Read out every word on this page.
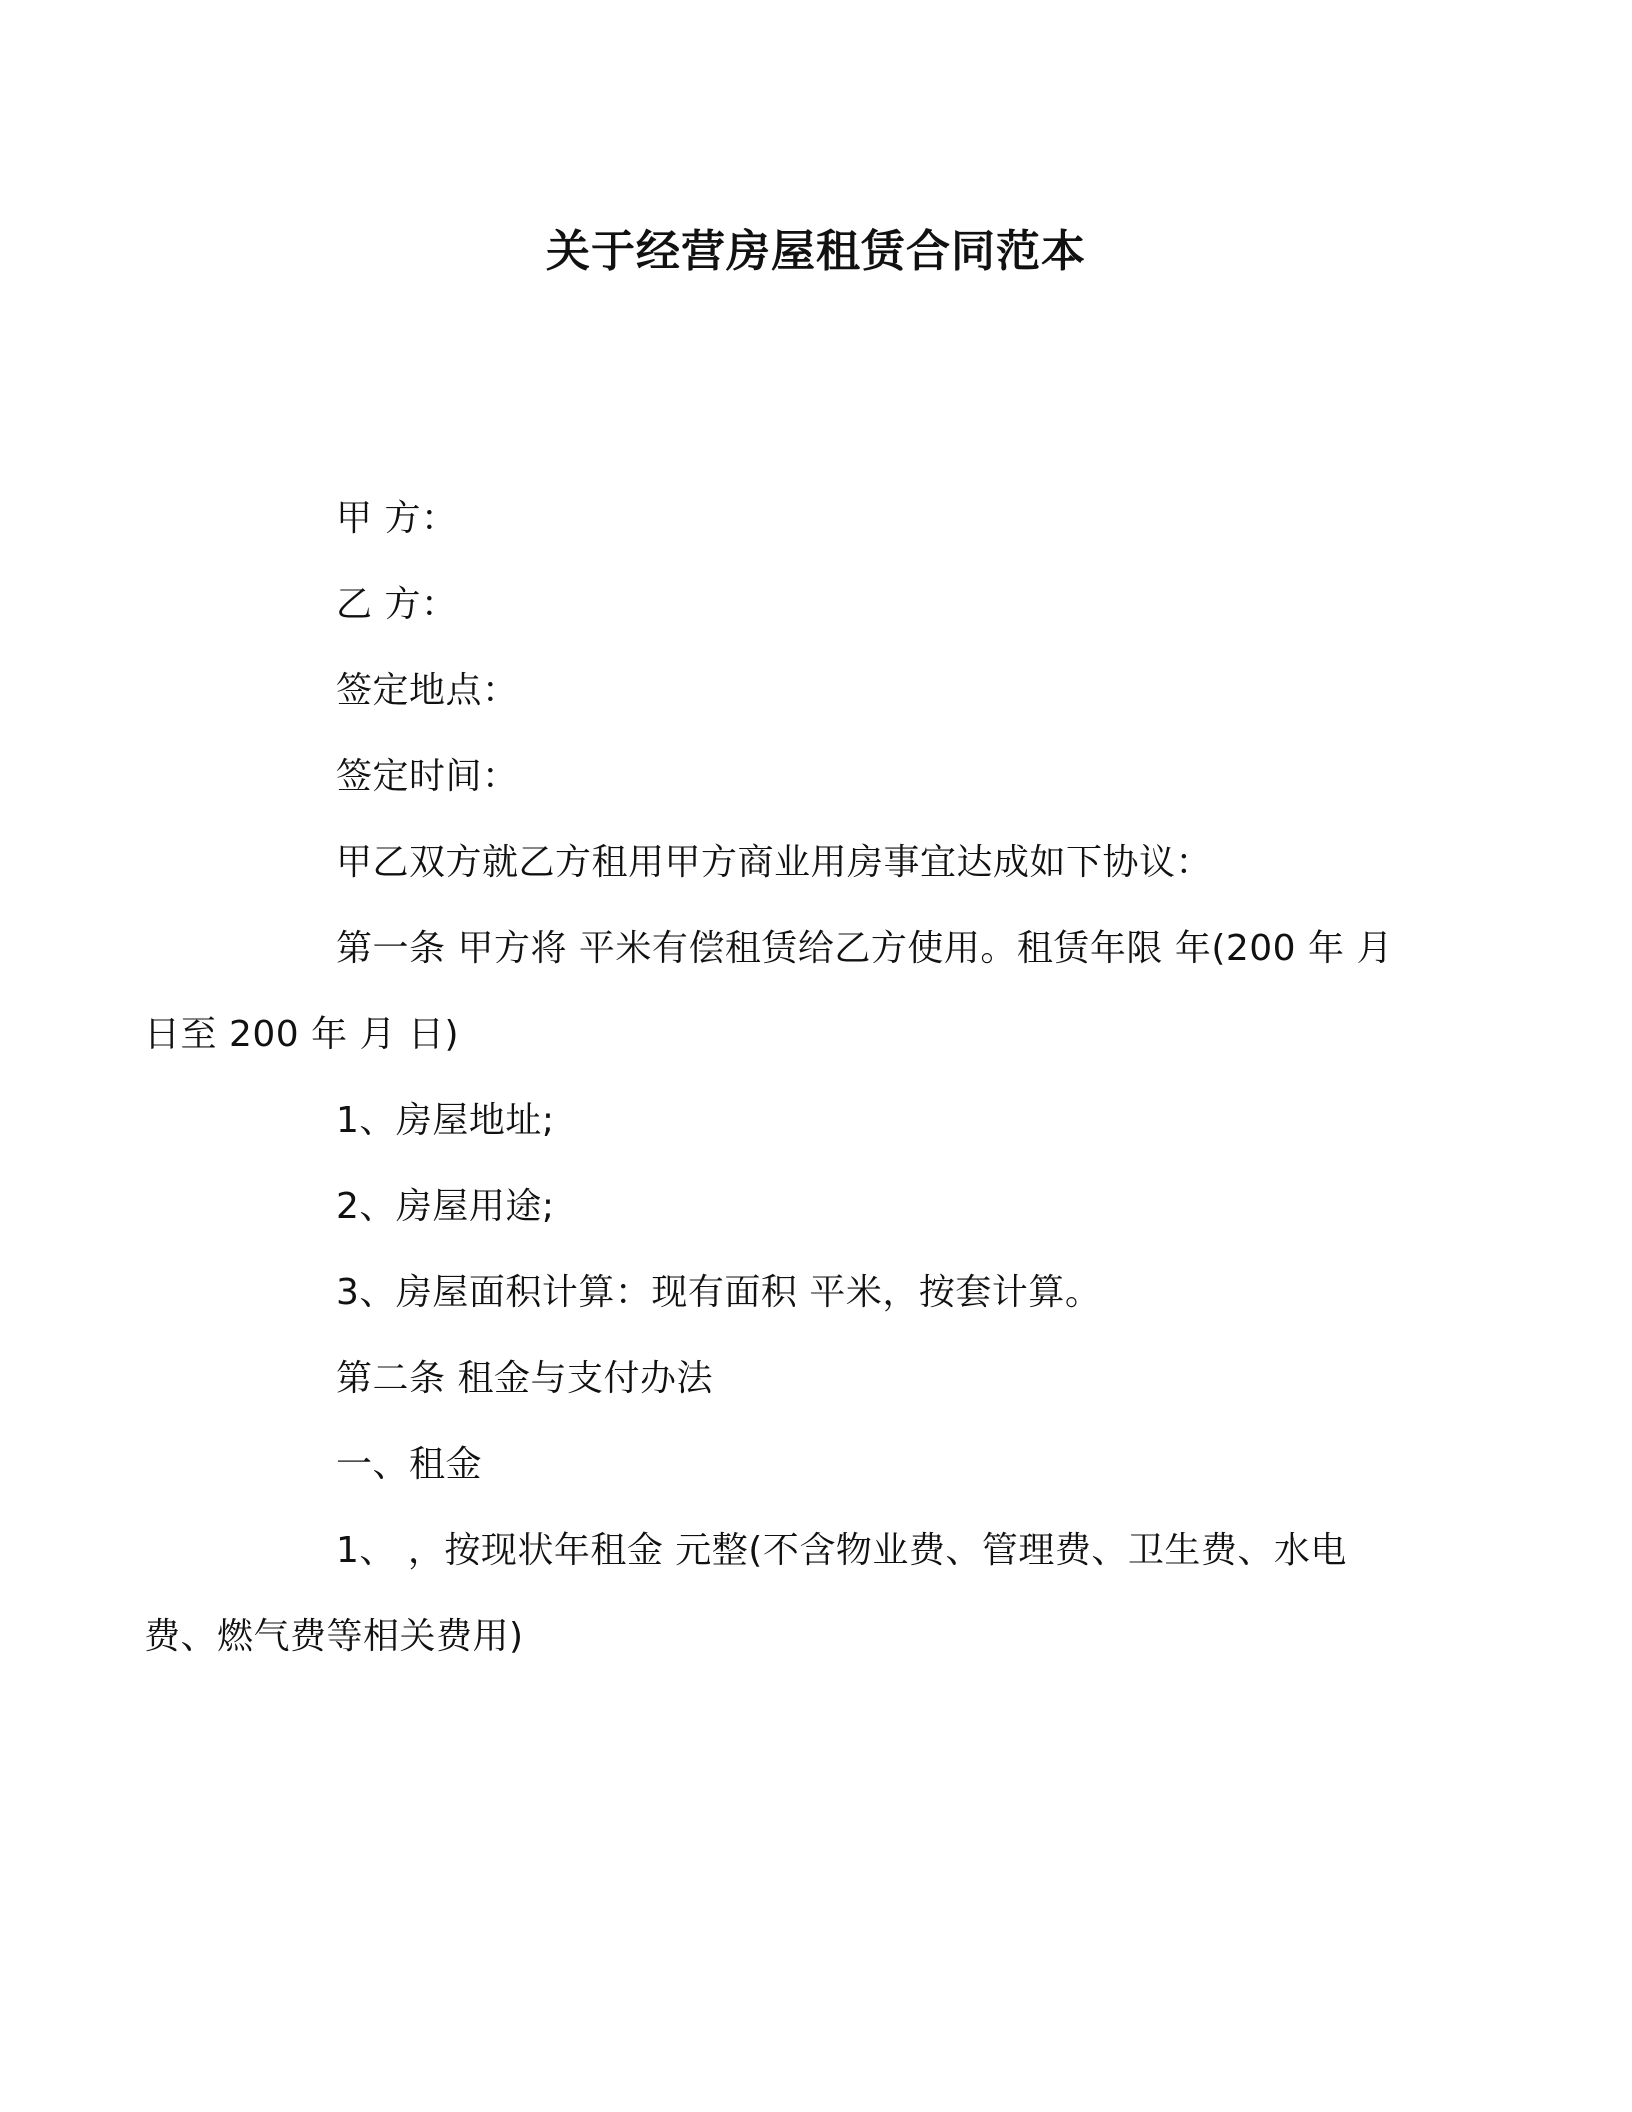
关于经营房屋租赁合同范本

甲 方：

乙 方：

签定地点：

签定时间：

甲乙双方就乙方租用甲方商业用房事宜达成如下协议：

第一条 甲方将 平米有偿租赁给乙方使用。租赁年限 年(200 年 月

日至 200 年 月 日)

1、房屋地址;

2、房屋用途;

3、房屋面积计算：现有面积 平米，按套计算。

第二条 租金与支付办法

一、租金

1、 ，按现状年租金 元整(不含物业费、管理费、卫生费、水电

费、燃气费等相关费用)
